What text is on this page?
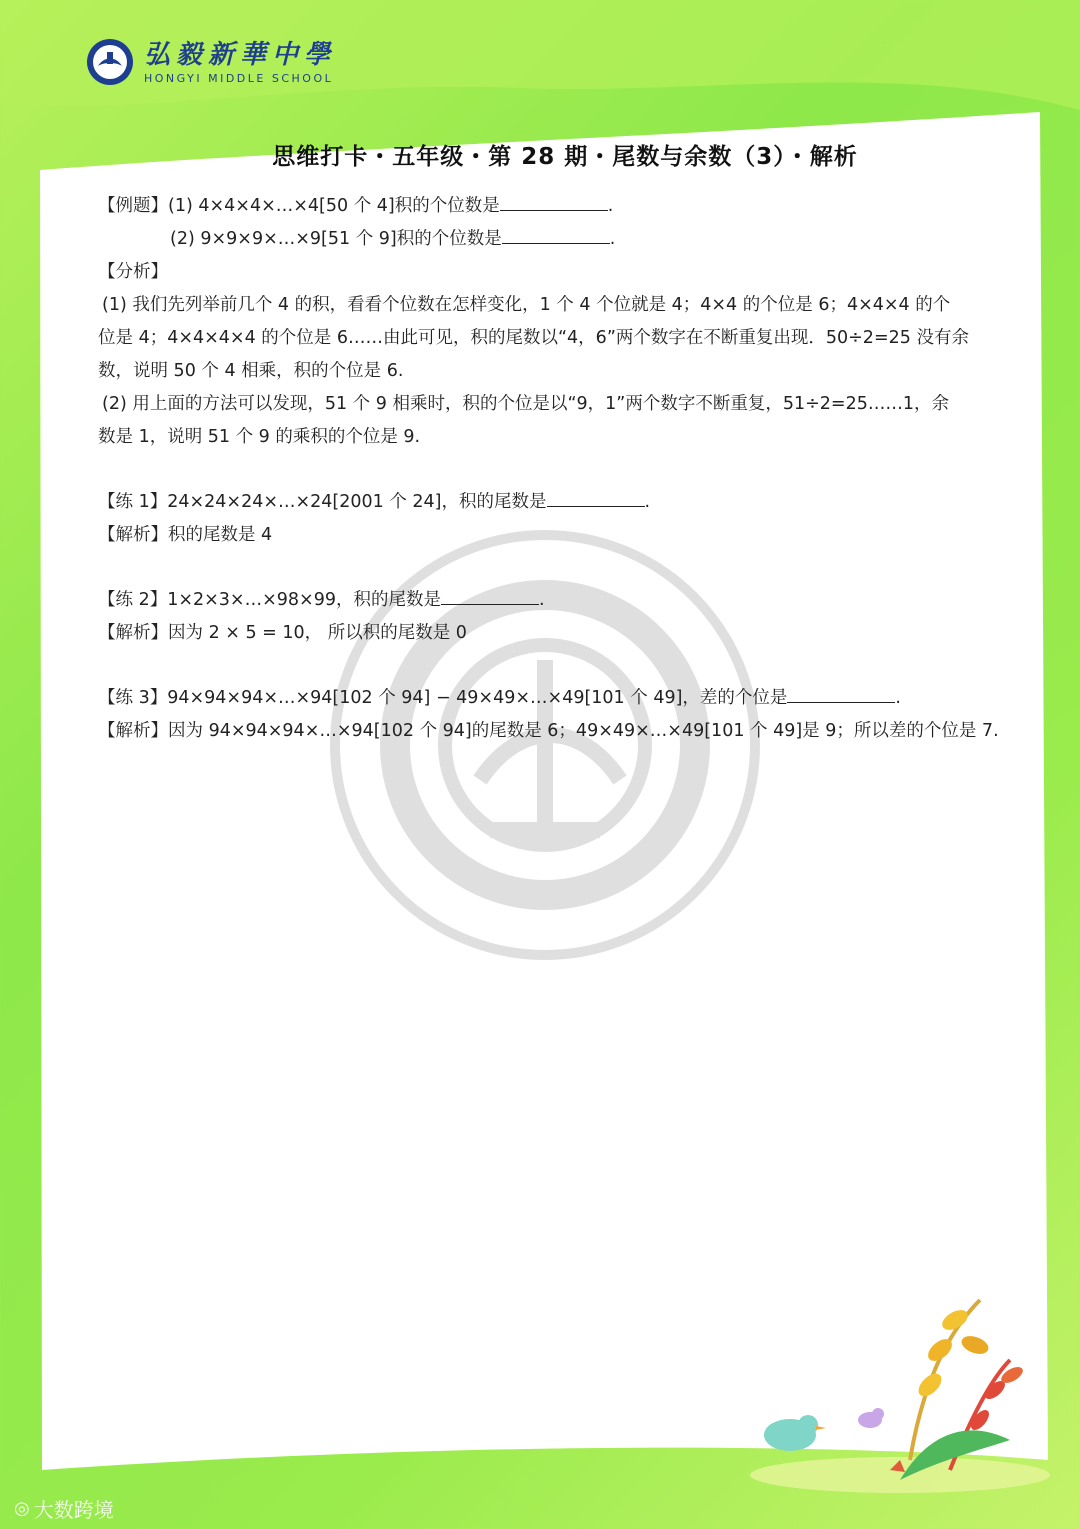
弘毅新華中學
HONGYI MIDDLE SCHOOL
思维打卡・五年级・第 28 期・尾数与余数（3）・解析
【例题】(1) 4×4×4×…×4[50 个 4]积的个位数是	.
(2) 9×9×9×…×9[51 个 9]积的个位数是	.
【分析】
(1) 我们先列举前几个 4 的积，看看个位数在怎样变化，1 个 4 个位就是 4；4×4 的个位是 6；4×4×4 的个
位是 4；4×4×4×4 的个位是 6……由此可见，积的尾数以“4，6”两个数字在不断重复出现．50÷2=25 没有余
数，说明 50 个 4 相乘，积的个位是 6.
(2) 用上面的方法可以发现，51 个 9 相乘时，积的个位是以“9，1”两个数字不断重复，51÷2=25……1，余
数是 1，说明 51 个 9 的乘积的个位是 9.
【练 1】24×24×24×…×24[2001 个 24]，积的尾数是	.
【解析】积的尾数是 4
【练 2】1×2×3×…×98×99，积的尾数是	.
【解析】因为 2 × 5 = 10， 所以积的尾数是 0
【练 3】94×94×94×…×94[102 个 94] − 49×49×…×49[101 个 49]，差的个位是	.
【解析】因为 94×94×94×…×94[102 个 94]的尾数是 6；49×49×…×49[101 个 49]是 9；所以差的个位是 7.
◎ 大数跨境
